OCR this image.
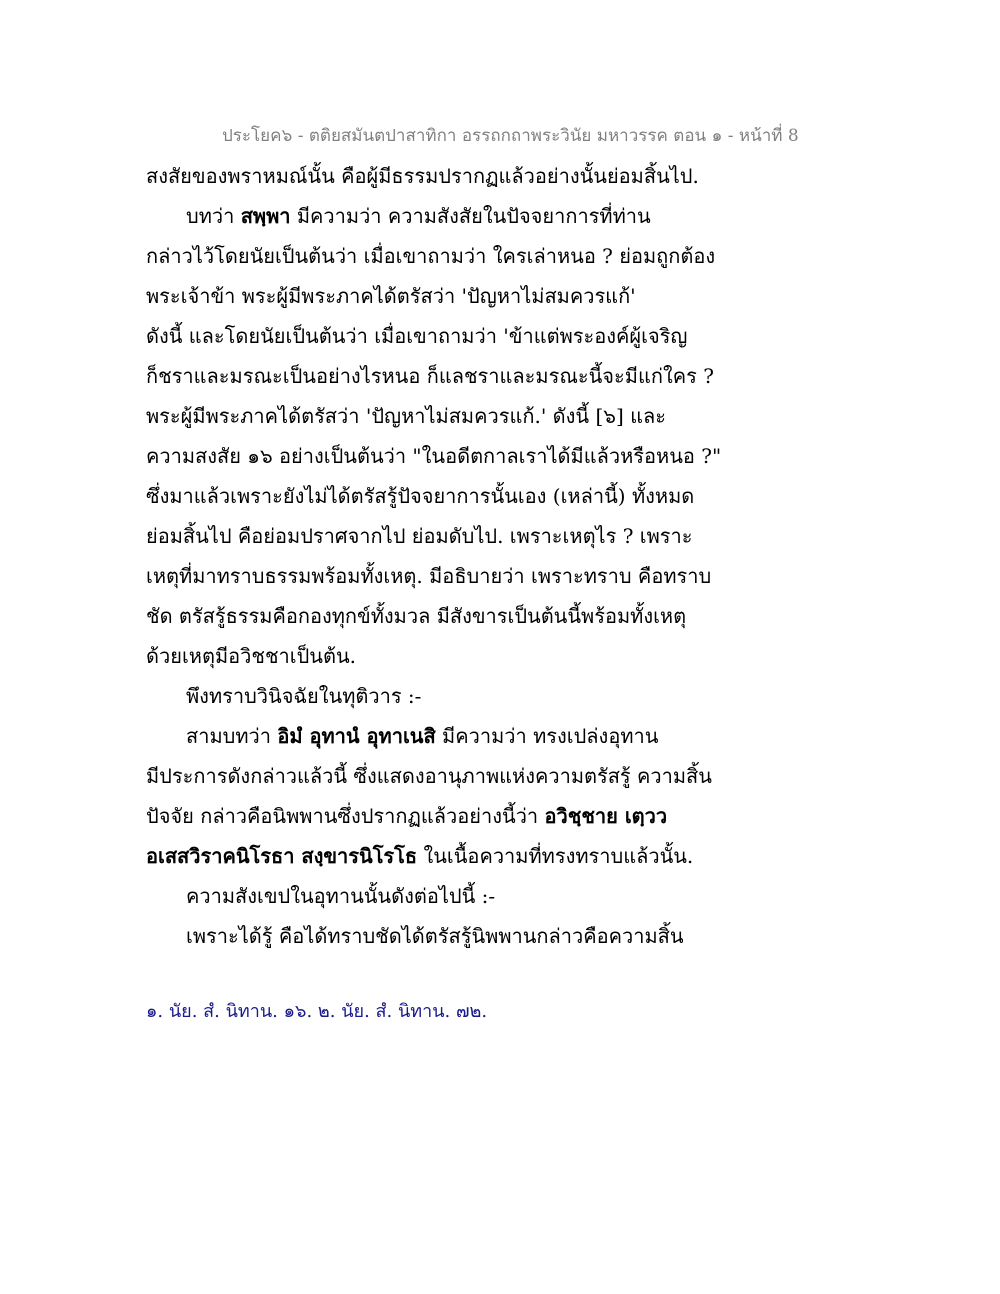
ประโยค๖ - ตติยสมันตปาสาทิกา อรรถกถาพระวินัย มหาวรรค ตอน ๑ - หน้าที่ 8
สงสัยของพราหมณ์นั้น คือผู้มีธรรมปรากฏแล้วอย่างนั้นย่อมสิ้นไป.
บทว่า สพฺพา มีความว่า ความสังสัยในปัจจยาการที่ท่าน
กล่าวไว้โดยนัยเป็นต้นว่า เมื่อเขาถามว่า ใครเล่าหนอ ? ย่อมถูกต้อง
พระเจ้าข้า พระผู้มีพระภาคได้ตรัสว่า 'ปัญหาไม่สมควรแก้'
ดังนี้ และโดยนัยเป็นต้นว่า เมื่อเขาถามว่า 'ข้าแต่พระองค์ผู้เจริญ
ก็ชราและมรณะเป็นอย่างไรหนอ ก็แลชราและมรณะนี้จะมีแก่ใคร ?
พระผู้มีพระภาคได้ตรัสว่า 'ปัญหาไม่สมควรแก้.' ดังนี้ [๖] และ
ความสงสัย ๑๖ อย่างเป็นต้นว่า "ในอดีตกาลเราได้มีแล้วหรือหนอ ?"
ซึ่งมาแล้วเพราะยังไม่ได้ตรัสรู้ปัจจยาการนั้นเอง (เหล่านี้) ทั้งหมด
ย่อมสิ้นไป คือย่อมปราศจากไป ย่อมดับไป. เพราะเหตุไร ? เพราะ
เหตุที่มาทราบธรรมพร้อมทั้งเหตุ. มีอธิบายว่า เพราะทราบ คือทราบ
ชัด ตรัสรู้ธรรมคือกองทุกข์ทั้งมวล มีสังขารเป็นต้นนี้พร้อมทั้งเหตุ
ด้วยเหตุมีอวิชชาเป็นต้น.
พึงทราบวินิจฉัยในทุติวาร :-
สามบทว่า อิมํ อุทานํ อุทาเนสิ มีความว่า ทรงเปล่งอุทาน
มีประการดังกล่าวแล้วนี้ ซึ่งแสดงอานุภาพแห่งความตรัสรู้ ความสิ้น
ปัจจัย กล่าวคือนิพพานซึ่งปรากฏแล้วอย่างนี้ว่า อวิชฺชาย เตฺวว
อเสสวิราคนิโรธา สงฺขารนิโรโธ ในเนื้อความที่ทรงทราบแล้วนั้น.
ความสังเขปในอุทานนั้นดังต่อไปนี้ :-
เพราะได้รู้ คือได้ทราบชัดได้ตรัสรู้นิพพานกล่าวคือความสิ้น
๑. นัย. สํ. นิทาน. ๑๖. ๒. นัย. สํ. นิทาน. ๗๒.
